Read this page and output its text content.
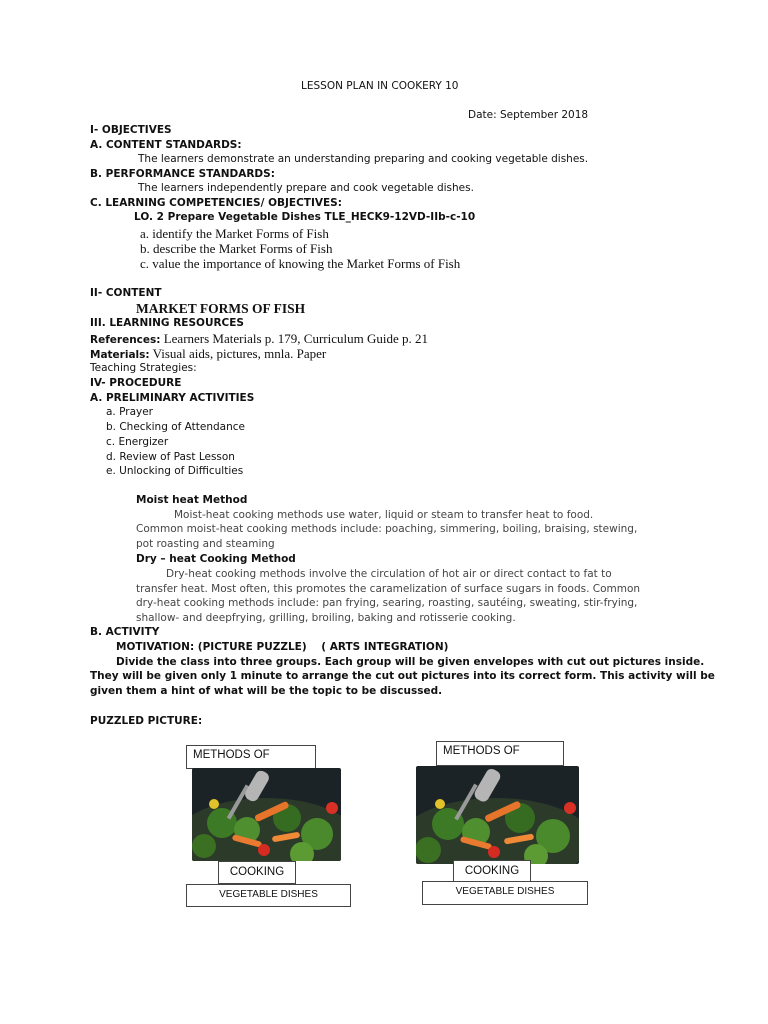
LESSON PLAN IN COOKERY 10
Date: September 2018
I- OBJECTIVES
A. CONTENT STANDARDS:
The learners demonstrate an understanding preparing and cooking vegetable dishes.
B. PERFORMANCE STANDARDS:
The learners independently prepare and cook vegetable dishes.
C. LEARNING COMPETENCIES/ OBJECTIVES:
LO. 2 Prepare Vegetable Dishes TLE_HECK9-12VD-IIb-c-10
a. identify the Market Forms of Fish
b. describe the Market Forms of Fish
c. value the importance of knowing the Market Forms of Fish
II- CONTENT
MARKET FORMS OF FISH
III. LEARNING RESOURCES
References: Learners Materials p. 179, Curriculum Guide p. 21
Materials: Visual aids, pictures, mnla. Paper
Teaching Strategies:
IV- PROCEDURE
A. PRELIMINARY ACTIVITIES
a. Prayer
b. Checking of Attendance
c. Energizer
d. Review of Past Lesson
e. Unlocking of Difficulties
Moist heat Method
Moist-heat cooking methods use water, liquid or steam to transfer heat to food.
Common moist-heat cooking methods include: poaching, simmering, boiling, braising, stewing,
pot roasting and steaming
Dry – heat Cooking Method
Dry-heat cooking methods involve the circulation of hot air or direct contact to fat to
transfer heat. Most often, this promotes the caramelization of surface sugars in foods. Common
dry-heat cooking methods include: pan frying, searing, roasting, sautéing, sweating, stir-frying,
shallow- and deepfrying, grilling, broiling, baking and rotisserie cooking.
B. ACTIVITY
MOTIVATION: (PICTURE PUZZLE)    ( ARTS INTEGRATION)
Divide the class into three groups. Each group will be given envelopes with cut out pictures inside.
They will be given only 1 minute to arrange the cut out pictures into its correct form. This activity will be
given them a hint of what will be the topic to be discussed.
PUZZLED PICTURE:
METHODS OF
COOKING
VEGETABLE DISHES
METHODS OF
COOKING
VEGETABLE DISHES
